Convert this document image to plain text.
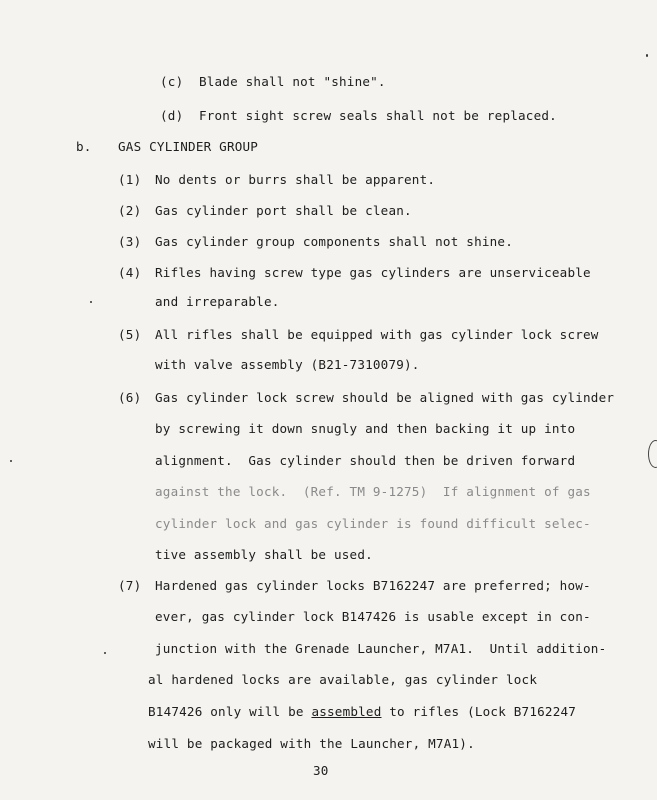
(c) Blade shall not "shine".
(d) Front sight screw seals shall not be replaced.
b. GAS CYLINDER GROUP
(1) No dents or burrs shall be apparent.
(2) Gas cylinder port shall be clean.
(3) Gas cylinder group components shall not shine.
(4) Rifles having screw type gas cylinders are unserviceable
and irreparable.
(5) All rifles shall be equipped with gas cylinder lock screw
with valve assembly (B21-7310079).
(6) Gas cylinder lock screw should be aligned with gas cylinder
by screwing it down snugly and then backing it up into
alignment.  Gas cylinder should then be driven forward
against the lock.  (Ref. TM 9-1275)  If alignment of gas
cylinder lock and gas cylinder is found difficult selec-
tive assembly shall be used.
(7) Hardened gas cylinder locks B7162247 are preferred; how-
ever, gas cylinder lock B147426 is usable except in con-
junction with the Grenade Launcher, M7A1.  Until addition-
al hardened locks are available, gas cylinder lock
B147426 only will be assembled to rifles (Lock B7162247
will be packaged with the Launcher, M7A1).
30
